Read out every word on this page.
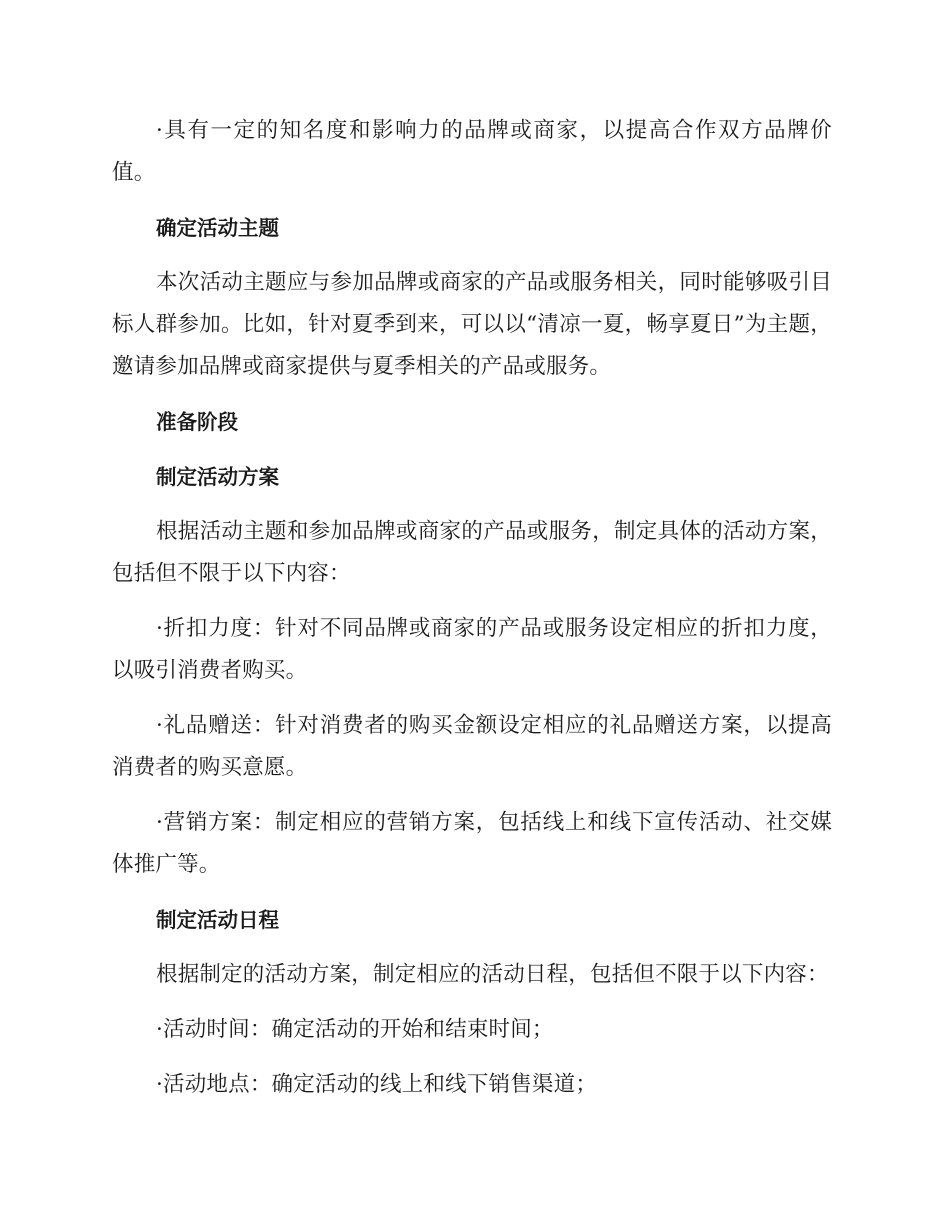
·具有一定的知名度和影响力的品牌或商家，以提高合作双方品牌价值。

确定活动主题

本次活动主题应与参加品牌或商家的产品或服务相关，同时能够吸引目标人群参加。比如，针对夏季到来，可以以“清凉一夏，畅享夏日”为主题，邀请参加品牌或商家提供与夏季相关的产品或服务。

准备阶段
制定活动方案

根据活动主题和参加品牌或商家的产品或服务，制定具体的活动方案，包括但不限于以下内容：

·折扣力度：针对不同品牌或商家的产品或服务设定相应的折扣力度，以吸引消费者购买。

·礼品赠送：针对消费者的购买金额设定相应的礼品赠送方案，以提高消费者的购买意愿。

·营销方案：制定相应的营销方案，包括线上和线下宣传活动、社交媒体推广等。

制定活动日程

根据制定的活动方案，制定相应的活动日程，包括但不限于以下内容：

·活动时间：确定活动的开始和结束时间；

·活动地点：确定活动的线上和线下销售渠道；
